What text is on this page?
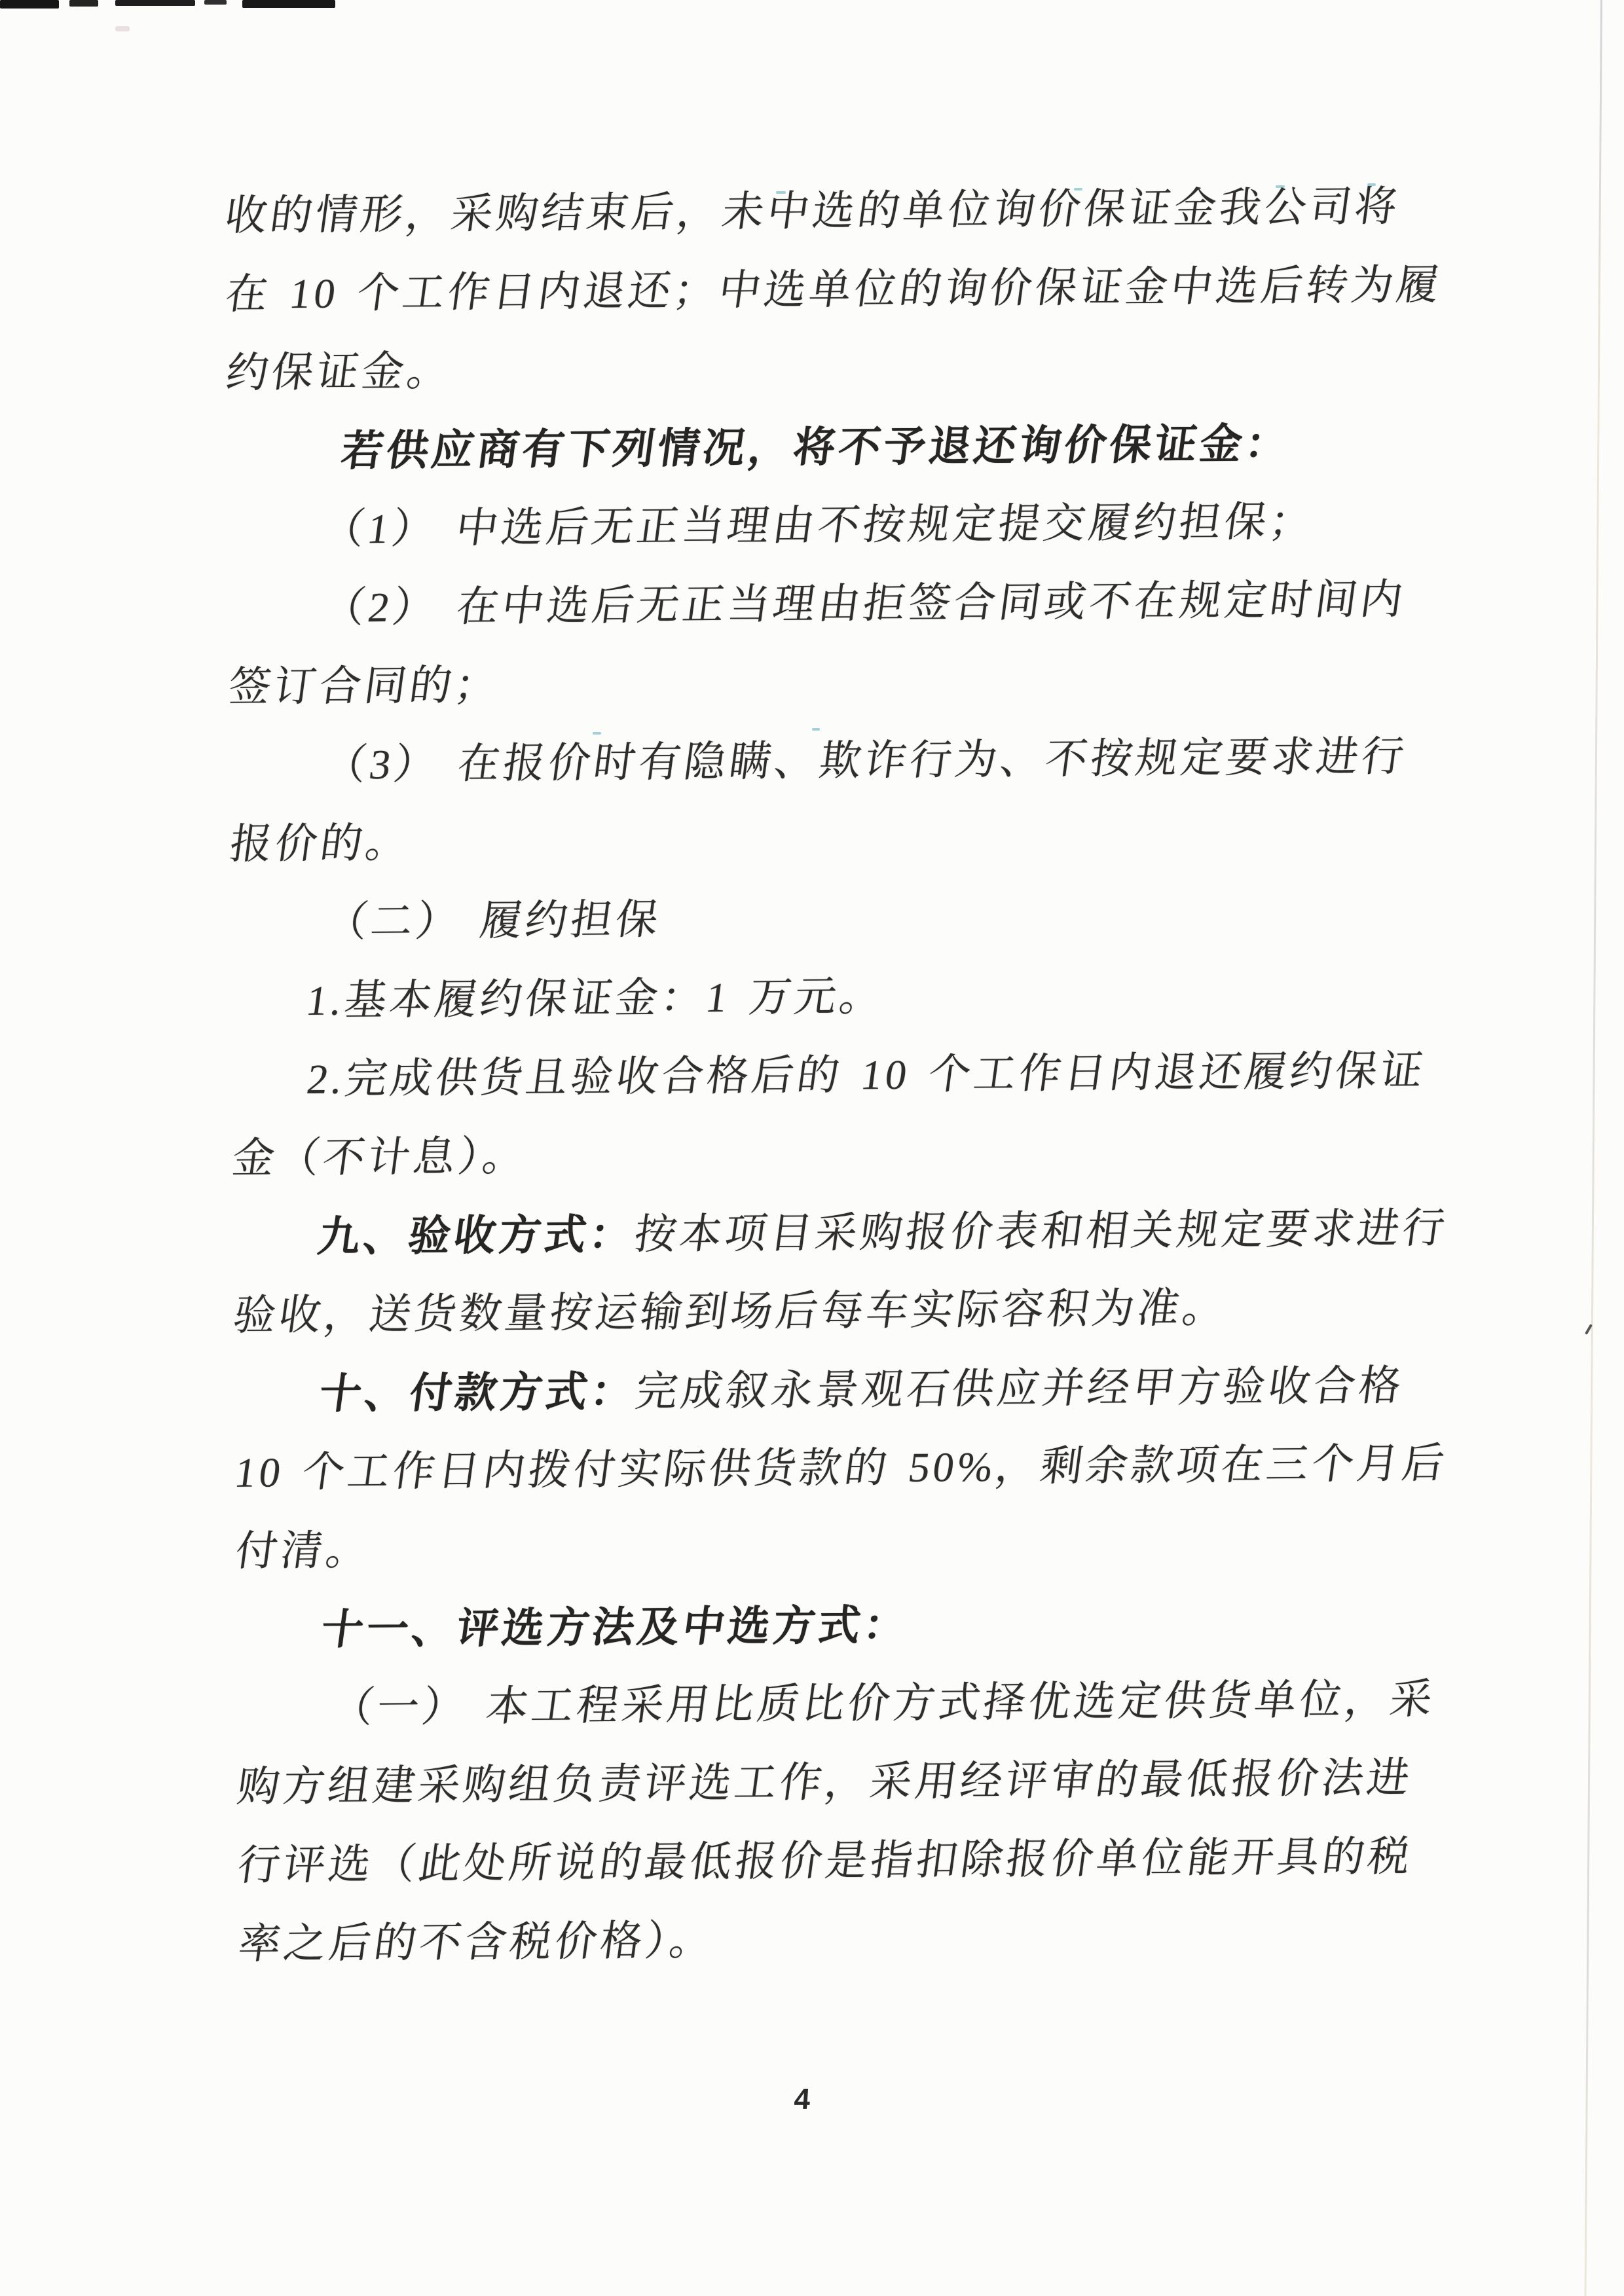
收的情形，采购结束后，未中选的单位询价保证金我公司将
在 10 个工作日内退还；中选单位的询价保证金中选后转为履
约保证金。
若供应商有下列情况，将不予退还询价保证金：
（1） 中选后无正当理由不按规定提交履约担保；
（2） 在中选后无正当理由拒签合同或不在规定时间内
签订合同的；
（3） 在报价时有隐瞒、欺诈行为、不按规定要求进行
报价的。
（二） 履约担保
1.基本履约保证金：1 万元。
2.完成供货且验收合格后的 10 个工作日内退还履约保证
金（不计息）。
九、验收方式：按本项目采购报价表和相关规定要求进行
验收，送货数量按运输到场后每车实际容积为准。
十、付款方式：完成叙永景观石供应并经甲方验收合格
10 个工作日内拨付实际供货款的 50%，剩余款项在三个月后
付清。
十一、评选方法及中选方式：
（一） 本工程采用比质比价方式择优选定供货单位，采
购方组建采购组负责评选工作，采用经评审的最低报价法进
行评选（此处所说的最低报价是指扣除报价单位能开具的税
率之后的不含税价格）。
4
